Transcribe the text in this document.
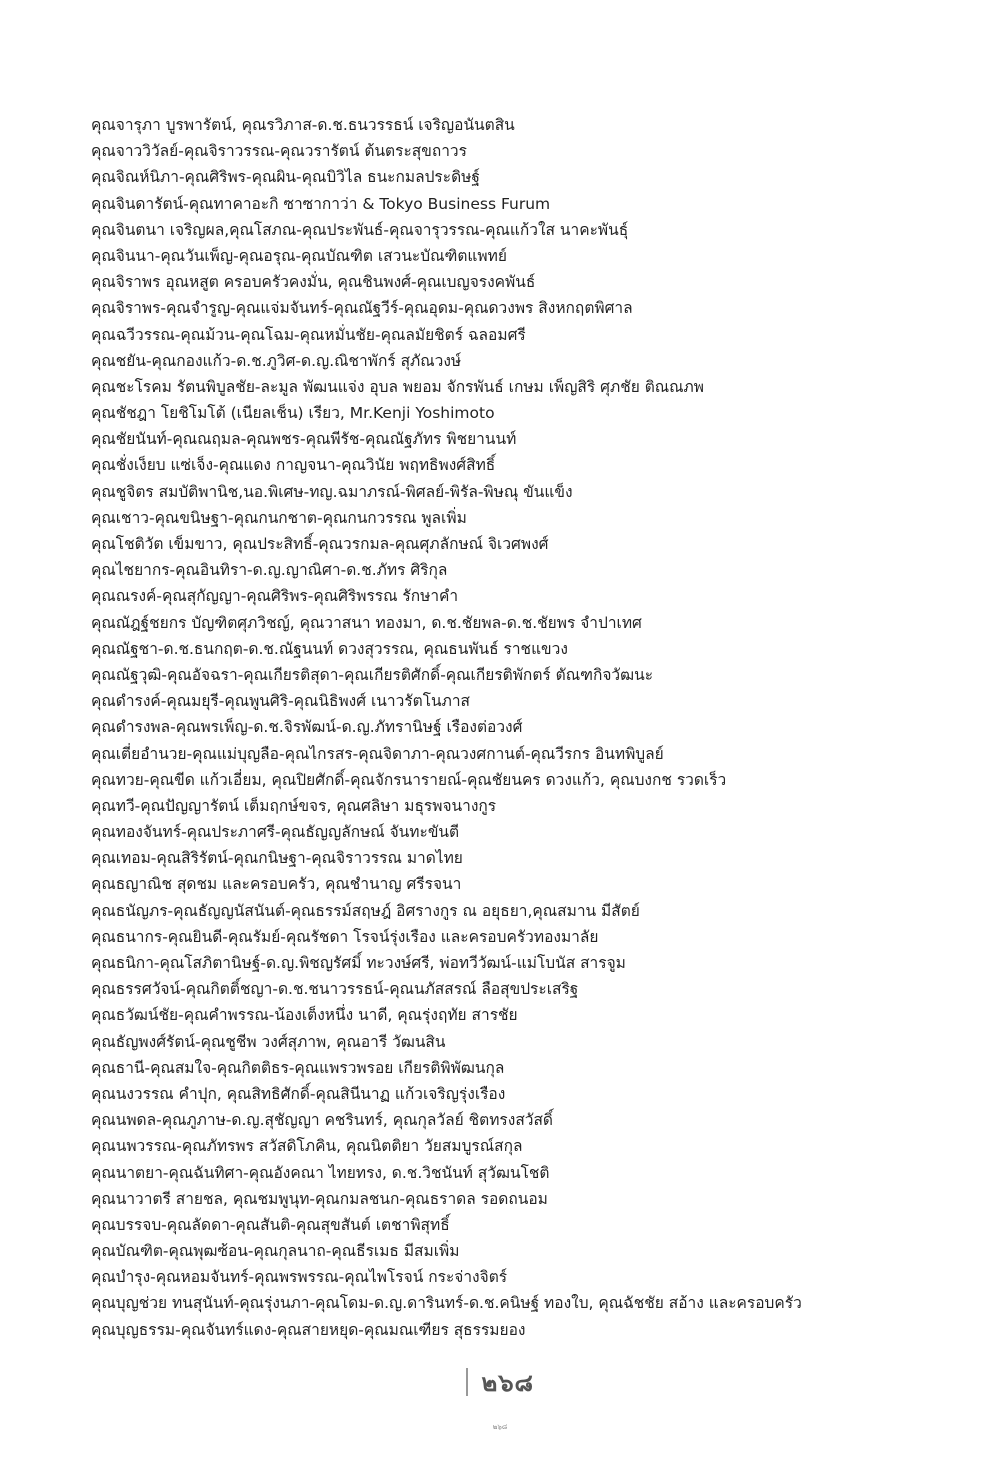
คุณจารุภา บูรพารัตน์, คุณรวิภาส-ด.ช.ธนวรรธน์ เจริญอนันตสิน
คุณจาววิวัลย์-คุณจิราวรรณ-คุณวรารัตน์ ต้นตระสุขถาวร
คุณจิณห์นิภา-คุณศิริพร-คุณผิน-คุณบิวิไล ธนะกมลประดิษฐ์
คุณจินดารัตน์-คุณทาคาอะกิ ซาซากาว่า & Tokyo Business Furum
คุณจินตนา เจริญผล,คุณโสภณ-คุณประพันธ์-คุณจารุวรรณ-คุณแก้วใส นาคะพันธุ์
คุณจินนา-คุณวันเพ็ญ-คุณอรุณ-คุณบัณฑิต เสวนะบัณฑิตแพทย์
คุณจิราพร อุณหสูต ครอบครัวคงมั่น, คุณชินพงศ์-คุณเบญจรงคพันธ์
คุณจิราพร-คุณจำรูญ-คุณแจ่มจันทร์-คุณณัฐวีร์-คุณอุดม-คุณดวงพร สิงหกฤตพิศาล
คุณฉวีวรรณ-คุณม้วน-คุณโฉม-คุณหมั่นชัย-คุณลมัยชิตร์ ฉลอมศรี
คุณชยัน-คุณกองแก้ว-ด.ช.ภูวิศ-ด.ญ.ณิชาพักร์ สุภัณวงษ์
คุณชะโรคม รัตนพิบูลชัย-ละมูล พัฒนแจ่ง อุบล พยอม จักรพันธ์ เกษม เพ็ญสิริ ศุภชัย ติณณภพ
คุณชัชฎา โยชิโมโต้ (เนียลเช็น) เรียว, Mr.Kenji Yoshimoto
คุณชัยนันท์-คุณณฤมล-คุณพชร-คุณพีรัช-คุณณัฐภัทร พิชยานนท์
คุณชั่งเง็ยบ แซ่เจ็ง-คุณแดง กาญจนา-คุณวินัย พฤทธิพงศ์สิทธิ์
คุณชูจิตร สมบัติพานิช,นอ.พิเศษ-ทญ.ฉมาภรณ์-พิศลย์-พิรัล-พิษณุ ขันแข็ง
คุณเชาว-คุณขนิษฐา-คุณกนกชาต-คุณกนกวรรณ พูลเพิ่ม
คุณโชติวัต เข็มขาว, คุณประสิทธิ์-คุณวรกมล-คุณศุภลักษณ์ จิเวศพงศ์
คุณไชยากร-คุณอินทิรา-ด.ญ.ญาณิศา-ด.ช.ภัทร ศิริกุล
คุณณรงค์-คุณสุกัญญา-คุณศิริพร-คุณศิริพรรณ รักษาคำ
คุณณัฎฐ์ชยกร บัญฑิตศุภวิชญ์, คุณวาสนา ทองมา, ด.ช.ชัยพล-ด.ช.ชัยพร จำปาเทศ
คุณณัฐชา-ด.ช.ธนกฤต-ด.ช.ณัฐนนท์ ดวงสุวรรณ, คุณธนพันธ์ ราชแขวง
คุณณัฐวุฒิ-คุณอัจฉรา-คุณเกียรติสุดา-คุณเกียรติศักดิ์-คุณเกียรติพักตร์ ตัณฑกิจวัฒนะ
คุณดำรงค์-คุณมยุรี-คุณพูนศิริ-คุณนิธิพงศ์ เนาวรัตโนภาส
คุณดำรงพล-คุณพรเพ็ญ-ด.ช.จิรพัฒน์-ด.ญ.ภัทรานิษฐ์ เรืองต่อวงศ์
คุณเตี่ยอำนวย-คุณแม่บุญลือ-คุณไกรสร-คุณจิดาภา-คุณวงศกานต์-คุณวีรกร อินทพิบูลย์
คุณทวย-คุณขีด แก้วเอี่ยม, คุณปิยศักดิ์-คุณจักรนารายณ์-คุณชัยนคร ดวงแก้ว, คุณบงกช รวดเร็ว
คุณทวี-คุณปัญญารัตน์ เต็มฤกษ์ขจร, คุณศลิษา มธุรพจนางกูร
คุณทองจันทร์-คุณประภาศรี-คุณธัญญลักษณ์ จันทะขันตี
คุณเทอม-คุณสิริรัตน์-คุณกนิษฐา-คุณจิราวรรณ มาดไทย
คุณธญาณิช สุดชม และครอบครัว, คุณชำนาญ ศรีรจนา
คุณธนัญภร-คุณธัญญนัสนันต์-คุณธรรม์สฤษฎ์ อิศรางกูร ณ อยุธยา,คุณสมาน มีสัตย์
คุณธนากร-คุณยินดี-คุณรัมย์-คุณรัชดา โรจน์รุ่งเรือง และครอบครัวทองมาลัย
คุณธนิกา-คุณโสภิตานิษฐ์-ด.ญ.พิชญรัศมิ์ ทะวงษ์ศรี, พ่อทวีวัฒน์-แม่โบนัส สารจูม
คุณธรรศวัจน์-คุณกิตติ์ชญา-ด.ช.ชนาวรรธน์-คุณนภัสสรณ์ ลือสุขประเสริฐ
คุณธวัฒน์ชัย-คุณคำพรรณ-น้องเต็งหนึ่ง นาดี, คุณรุ่งฤทัย สารชัย
คุณธัญพงศ์รัตน์-คุณชูชีพ วงศ์สุภาพ, คุณอารี วัฒนสิน
คุณธานี-คุณสมใจ-คุณกิตติธร-คุณแพรวพรอย เกียรติพิพัฒนกุล
คุณนงวรรณ คำปุก, คุณสิทธิศักดิ์-คุณสินีนาฏ แก้วเจริญรุ่งเรือง
คุณนพดล-คุณภูภาษ-ด.ญ.สุชัญญา คชรินทร์, คุณกุลวัลย์ ชิตทรงสวัสดิ์
คุณนพวรรณ-คุณภัทรพร สวัสดิโภคิน, คุณนิตติยา วัยสมบูรณ์สกุล
คุณนาตยา-คุณฉันทิศา-คุณอังคณา ไทยทรง, ด.ช.วิชนันท์ สุวัฒนโชติ
คุณนาวาตรี สายชล, คุณชมพูนุท-คุณกมลชนก-คุณธราดล รอดถนอม
คุณบรรจบ-คุณลัดดา-คุณสันติ-คุณสุขสันต์ เตชาพิสุทธิ์
คุณบัณฑิต-คุณพุฒซ้อน-คุณกุลนาถ-คุณธีรเมธ มีสมเพิ่ม
คุณบำรุง-คุณหอมจันทร์-คุณพรพรรณ-คุณไพโรจน์ กระจ่างจิตร์
คุณบุญช่วย ทนสุนันท์-คุณรุ่งนภา-คุณโดม-ด.ญ.ดารินทร์-ด.ช.คนิษฐ์ ทองใบ, คุณฉัชชัย สอ้าง และครอบครัว
คุณบุญธรรม-คุณจันทร์แดง-คุณสายหยุด-คุณมณเฑียร สุธรรมยอง
๒๖๘
๒๖๘
